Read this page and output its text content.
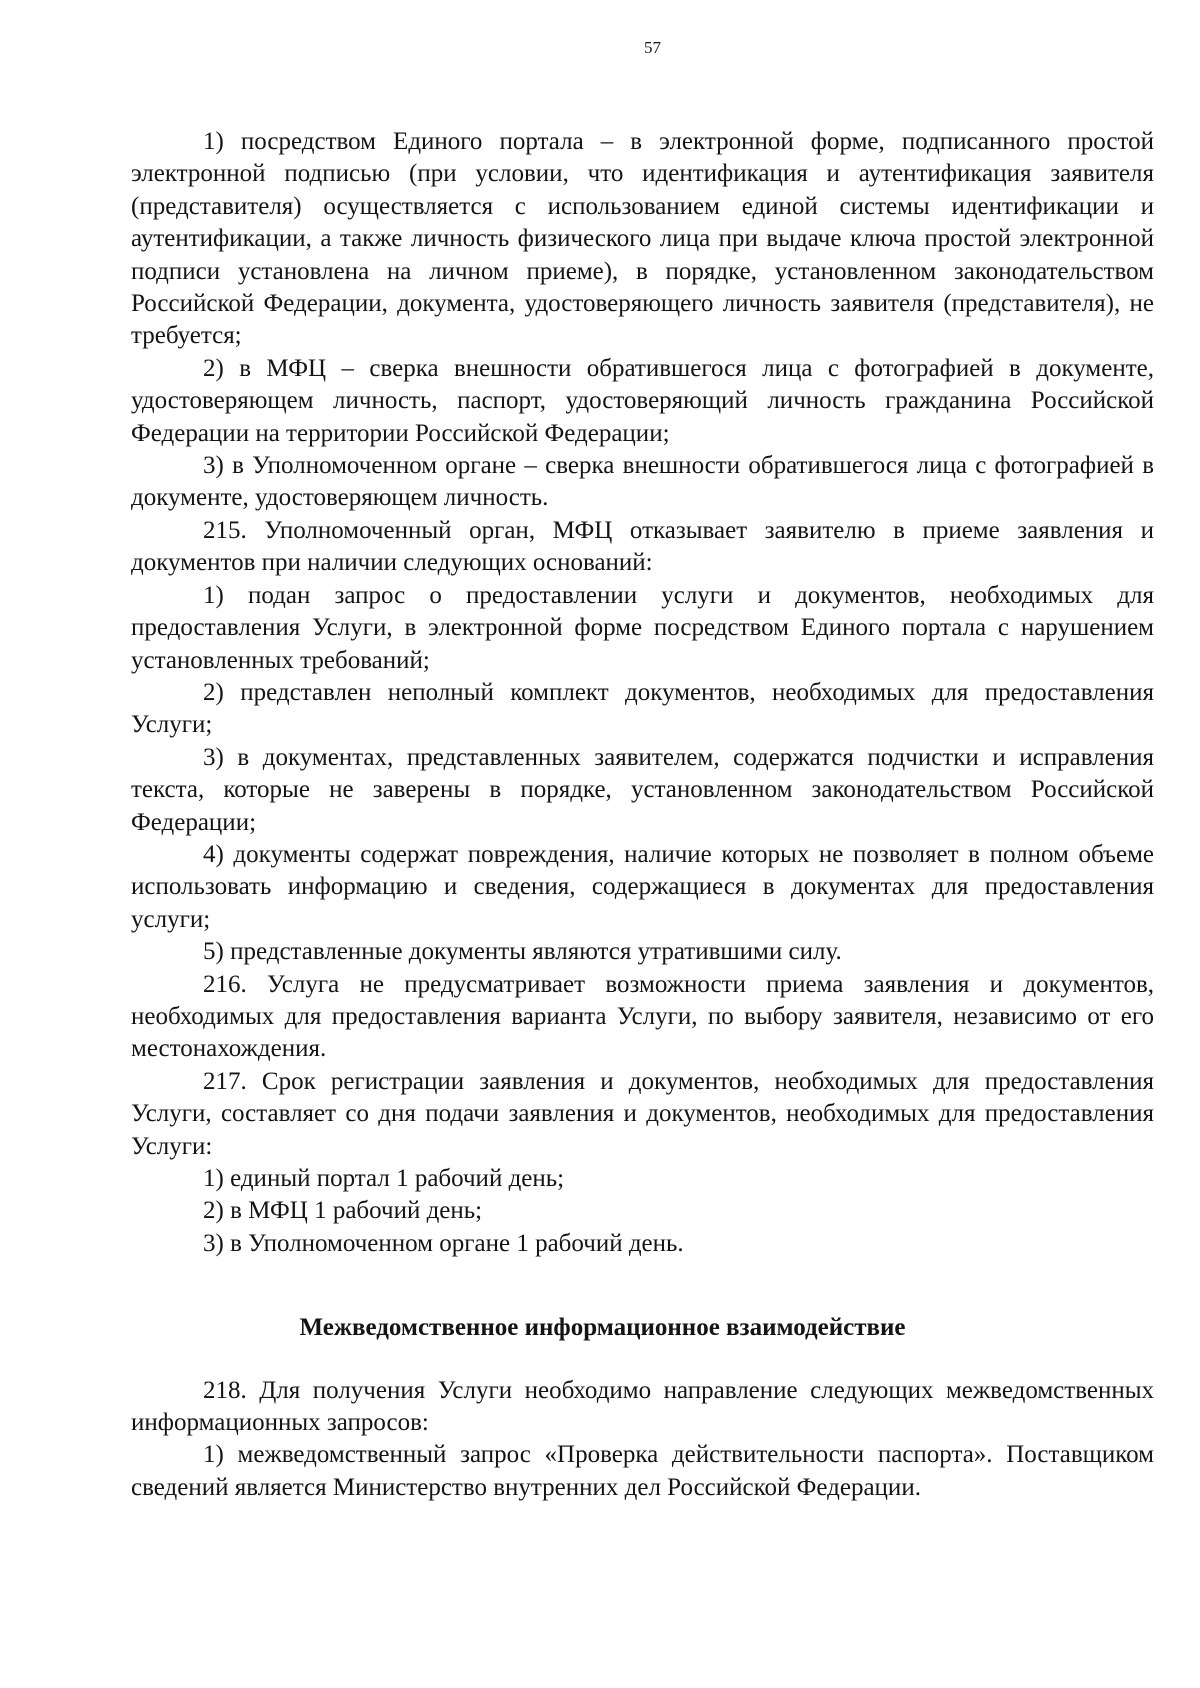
57

1) посредством Единого портала – в электронной форме, подписанного простой электронной подписью (при условии, что идентификация и аутентификация заявителя (представителя) осуществляется с использованием единой системы идентификации и аутентификации, а также личность физического лица при выдаче ключа простой электронной подписи установлена на личном приеме), в порядке, установленном законодательством Российской Федерации, документа, удостоверяющего личность заявителя (представителя), не требуется;

2) в МФЦ – сверка внешности обратившегося лица с фотографией в документе, удостоверяющем личность, паспорт, удостоверяющий личность гражданина Российской Федерации на территории Российской Федерации;

3) в Уполномоченном органе – сверка внешности обратившегося лица с фотографией в документе, удостоверяющем личность.

215. Уполномоченный орган, МФЦ отказывает заявителю в приеме заявления и документов при наличии следующих оснований:

1) подан запрос о предоставлении услуги и документов, необходимых для предоставления Услуги, в электронной форме посредством Единого портала с нарушением установленных требований;

2) представлен неполный комплект документов, необходимых для предоставления Услуги;

3) в документах, представленных заявителем, содержатся подчистки и исправления текста, которые не заверены в порядке, установленном законодательством Российской Федерации;

4) документы содержат повреждения, наличие которых не позволяет в полном объеме использовать информацию и сведения, содержащиеся в документах для предоставления услуги;

5) представленные документы являются утратившими силу.

216. Услуга не предусматривает возможности приема заявления и документов, необходимых для предоставления варианта Услуги, по выбору заявителя, независимо от его местонахождения.

217. Срок регистрации заявления и документов, необходимых для предоставления Услуги, составляет со дня подачи заявления и документов, необходимых для предоставления Услуги:

1) единый портал 1 рабочий день;

2) в МФЦ 1 рабочий день;

3) в Уполномоченном органе 1 рабочий день.

Межведомственное информационное взаимодействие

218. Для получения Услуги необходимо направление следующих межведомственных информационных запросов:

1) межведомственный запрос «Проверка действительности паспорта». Поставщиком сведений является Министерство внутренних дел Российской Федерации.
